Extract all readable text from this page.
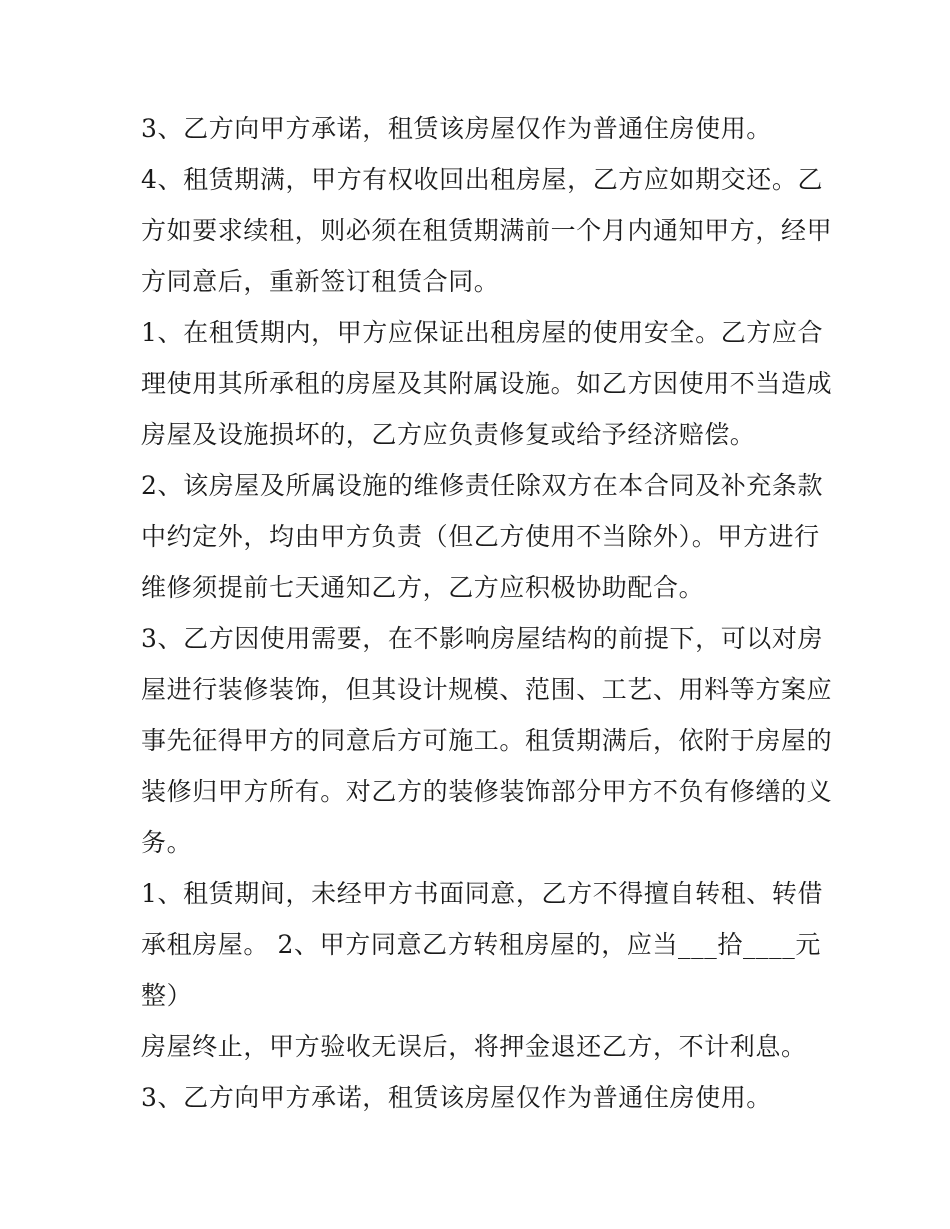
3、乙方向甲方承诺，租赁该房屋仅作为普通住房使用。
4、租赁期满，甲方有权收回出租房屋，乙方应如期交还。乙
方如要求续租，则必须在租赁期满前一个月内通知甲方，经甲
方同意后，重新签订租赁合同。
1、在租赁期内，甲方应保证出租房屋的使用安全。乙方应合
理使用其所承租的房屋及其附属设施。如乙方因使用不当造成
房屋及设施损坏的，乙方应负责修复或给予经济赔偿。
2、该房屋及所属设施的维修责任除双方在本合同及补充条款
中约定外，均由甲方负责（但乙方使用不当除外）。甲方进行
维修须提前七天通知乙方，乙方应积极协助配合。
3、乙方因使用需要，在不影响房屋结构的前提下，可以对房
屋进行装修装饰，但其设计规模、范围、工艺、用料等方案应
事先征得甲方的同意后方可施工。租赁期满后，依附于房屋的
装修归甲方所有。对乙方的装修装饰部分甲方不负有修缮的义
务。
1、租赁期间，未经甲方书面同意，乙方不得擅自转租、转借
承租房屋。 2、甲方同意乙方转租房屋的，应当___拾____元
整）
房屋终止，甲方验收无误后，将押金退还乙方，不计利息。
3、乙方向甲方承诺，租赁该房屋仅作为普通住房使用。
